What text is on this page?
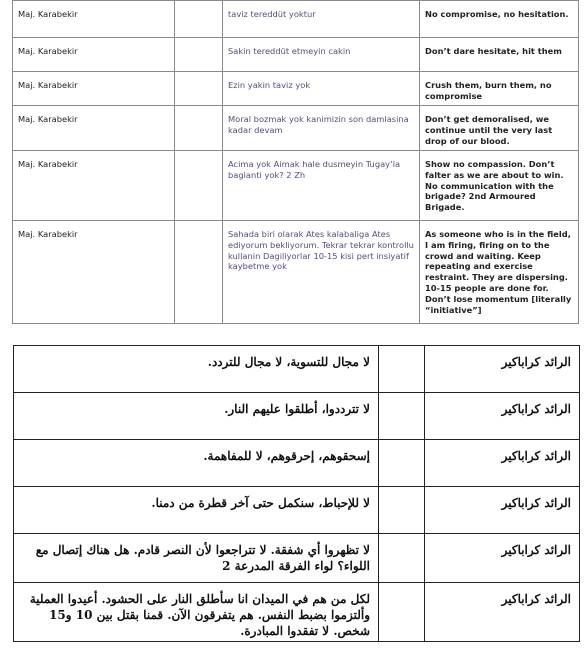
Maj. Karabekir		taviz tereddüt yoktur	No compromise, no hesitation.
Maj. Karabekir		Sakin tereddüt etmeyin cakin	Don’t dare hesitate, hit them
Maj. Karabekir		Ezin yakin taviz yok	Crush them, burn them, no compromise
Maj. Karabekir		Moral bozmak yok kanimizin son damlasina kadar devam	Don’t get demoralised, we continue until the very last drop of our blood.
Maj. Karabekir		Acima yok Aimak hale dusmeyin Tugay’la baglanti yok? 2 Zh	Show no compassion. Don’t falter as we are about to win. No communication with the brigade? 2nd Armoured Brigade.
Maj. Karabekir		Sahada biri olarak Ates kalabaliga Ates ediyorum bekliyorum. Tekrar tekrar kontrollu kullanin Dagiliyorlar 10-15 kisi pert insiyatif kaybetme yok	As someone who is in the field, I am firing, firing on to the crowd and waiting. Keep repeating and exercise restraint. They are dispersing. 10-15 people are done for. Don’t lose momentum [literally “initiative”]
الرائد كراباكير		لا مجال للتسوية، لا مجال للتردد.
الرائد كراباكير		لا تترددوا، أطلقوا عليهم النار.
الرائد كراباكير		إسحقوهم، إحرقوهم، لا للمفاهمة.
الرائد كراباكير		لا للإحباط، سنكمل حتى آخر قطرة من دمنا.
الرائد كراباكير		لا تظهروا أي شفقة. لا تتراجعوا لأن النصر قادم. هل هناك إتصال مع اللواء؟ لواء الفرقة المدرعة 2
الرائد كراباكير		لكل من هم في الميدان انا سأطلق النار على الحشود. أعيدوا العملية وألتزموا بضبط النفس. هم يتفرقون الآن. قمنا بقتل بين 10 و15 شخص. لا تفقدوا المبادرة.
